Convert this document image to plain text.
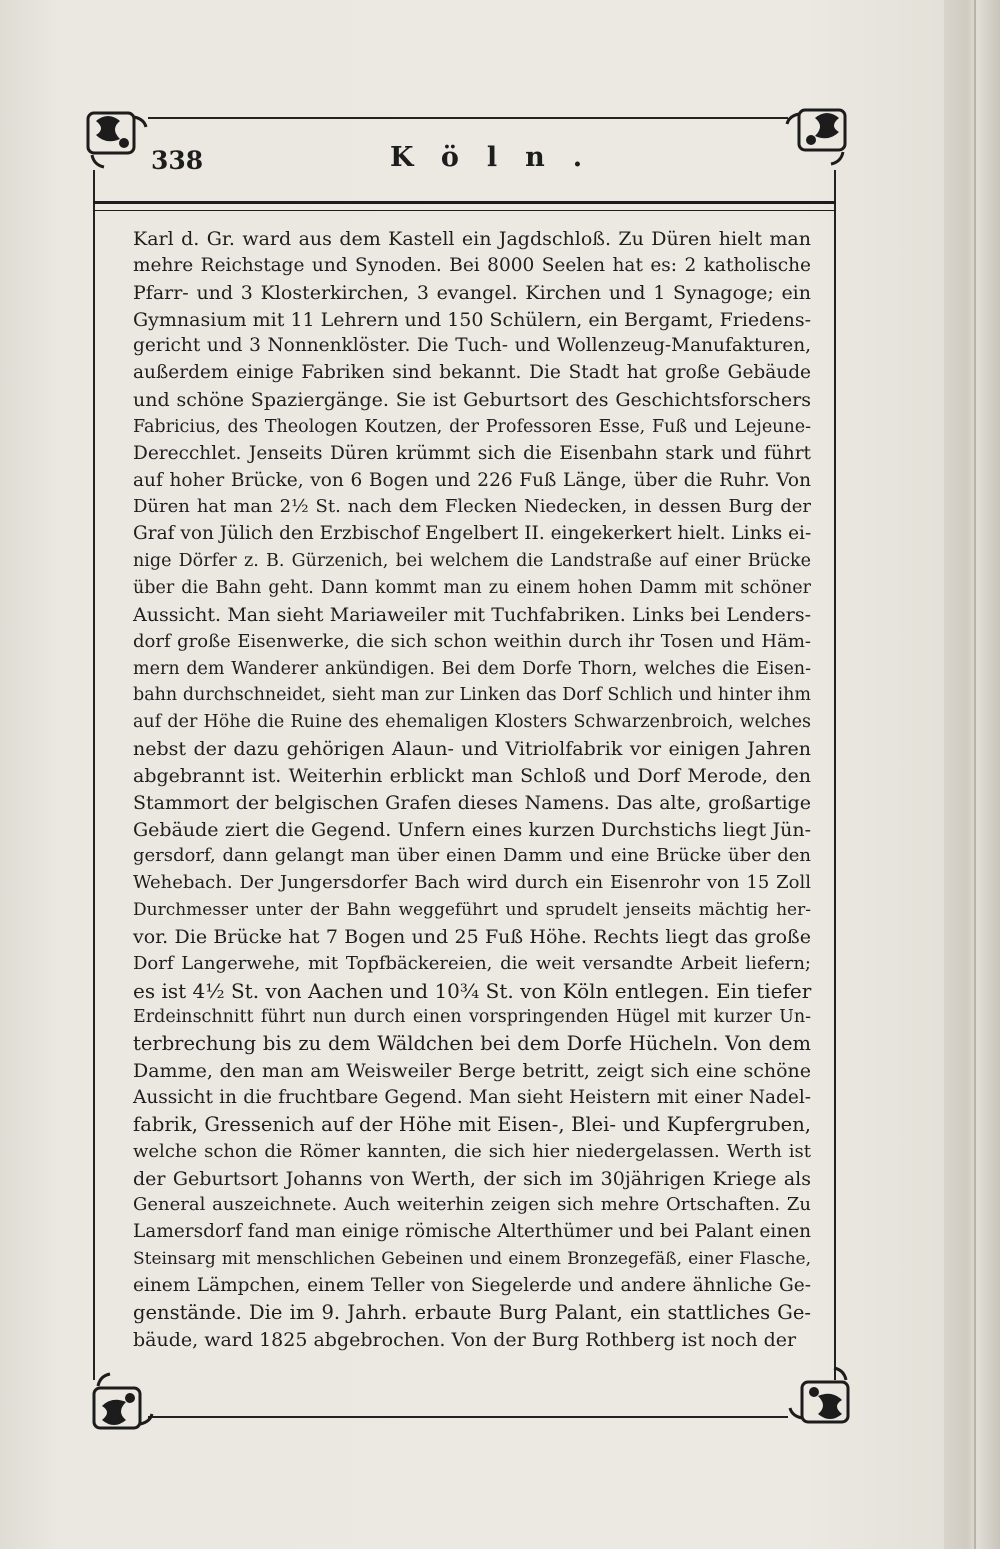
338	Köln.
Karl d. Gr. ward aus dem Kastell ein Jagdschloß. Zu Düren hielt man
mehre Reichstage und Synoden. Bei 8000 Seelen hat es: 2 katholische
Pfarr- und 3 Klosterkirchen, 3 evangel. Kirchen und 1 Synagoge; ein
Gymnasium mit 11 Lehrern und 150 Schülern, ein Bergamt, Friedens-
gericht und 3 Nonnenklöster. Die Tuch- und Wollenzeug-Manufakturen,
außerdem einige Fabriken sind bekannt. Die Stadt hat große Gebäude
und schöne Spaziergänge. Sie ist Geburtsort des Geschichtsforschers
Fabricius, des Theologen Koutzen, der Professoren Esse, Fuß und Lejeune-
Derecchlet. Jenseits Düren krümmt sich die Eisenbahn stark und führt
auf hoher Brücke, von 6 Bogen und 226 Fuß Länge, über die Ruhr. Von
Düren hat man 2½ St. nach dem Flecken Niedecken, in dessen Burg der
Graf von Jülich den Erzbischof Engelbert II. eingekerkert hielt. Links ei-
nige Dörfer z. B. Gürzenich, bei welchem die Landstraße auf einer Brücke
über die Bahn geht. Dann kommt man zu einem hohen Damm mit schöner
Aussicht. Man sieht Mariaweiler mit Tuchfabriken. Links bei Lenders-
dorf große Eisenwerke, die sich schon weithin durch ihr Tosen und Häm-
mern dem Wanderer ankündigen. Bei dem Dorfe Thorn, welches die Eisen-
bahn durchschneidet, sieht man zur Linken das Dorf Schlich und hinter ihm
auf der Höhe die Ruine des ehemaligen Klosters Schwarzenbroich, welches
nebst der dazu gehörigen Alaun- und Vitriolfabrik vor einigen Jahren
abgebrannt ist. Weiterhin erblickt man Schloß und Dorf Merode, den
Stammort der belgischen Grafen dieses Namens. Das alte, großartige
Gebäude ziert die Gegend. Unfern eines kurzen Durchstichs liegt Jün-
gersdorf, dann gelangt man über einen Damm und eine Brücke über den
Wehebach. Der Jungersdorfer Bach wird durch ein Eisenrohr von 15 Zoll
Durchmesser unter der Bahn weggeführt und sprudelt jenseits mächtig her-
vor. Die Brücke hat 7 Bogen und 25 Fuß Höhe. Rechts liegt das große
Dorf Langerwehe, mit Topfbäckereien, die weit versandte Arbeit liefern;
es ist 4½ St. von Aachen und 10¾ St. von Köln entlegen. Ein tiefer
Erdeinschnitt führt nun durch einen vorspringenden Hügel mit kurzer Un-
terbrechung bis zu dem Wäldchen bei dem Dorfe Hücheln. Von dem
Damme, den man am Weisweiler Berge betritt, zeigt sich eine schöne
Aussicht in die fruchtbare Gegend. Man sieht Heistern mit einer Nadel-
fabrik, Gressenich auf der Höhe mit Eisen-, Blei- und Kupfergruben,
welche schon die Römer kannten, die sich hier niedergelassen. Werth ist
der Geburtsort Johanns von Werth, der sich im 30jährigen Kriege als
General auszeichnete. Auch weiterhin zeigen sich mehre Ortschaften. Zu
Lamersdorf fand man einige römische Alterthümer und bei Palant einen
Steinsarg mit menschlichen Gebeinen und einem Bronzegefäß, einer Flasche,
einem Lämpchen, einem Teller von Siegelerde und andere ähnliche Ge-
genstände. Die im 9. Jahrh. erbaute Burg Palant, ein stattliches Ge-
bäude, ward 1825 abgebrochen. Von der Burg Rothberg ist noch der
